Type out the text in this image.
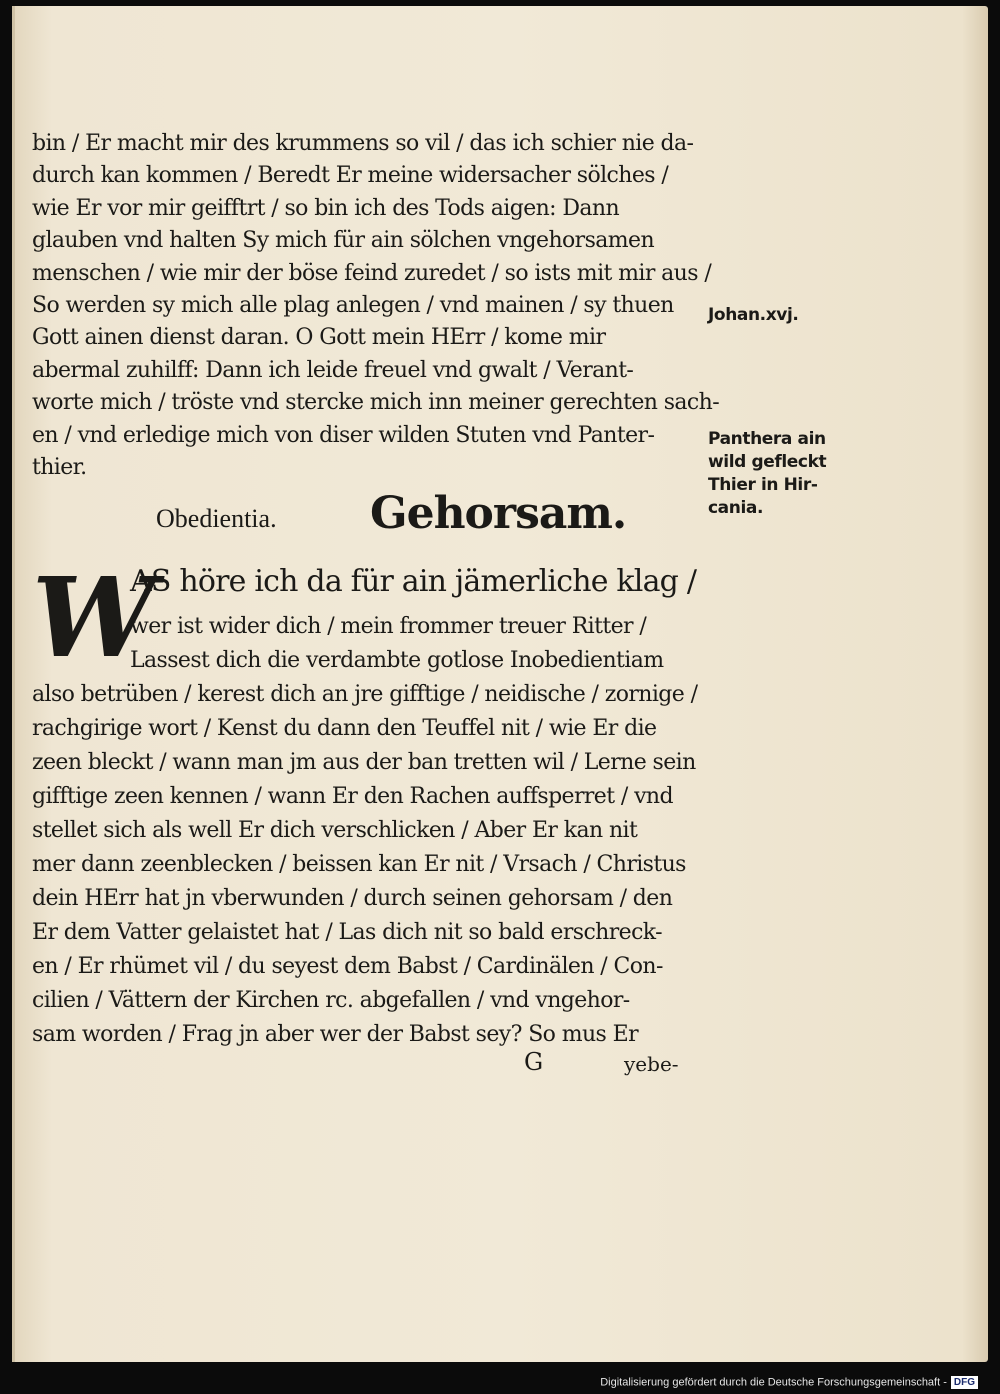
bin / Er macht mir des krummens so vil / das ich schier nie da-
durch kan kommen / Beredt Er meine widersacher sölches /
wie Er vor mir geifftrt / so bin ich des Tods aigen: Dann
glauben vnd halten Sy mich für ain sölchen vngehorsamen
menschen / wie mir der böse feind zuredet / so ists mit mir aus /
So werden sy mich alle plag anlegen / vnd mainen / sy thuen
Gott ainen dienst daran. O Gott mein HErr / kome mir
abermal zuhilff: Dann ich leide freuel vnd gwalt / Verant-
worte mich / tröste vnd stercke mich inn meiner gerechten sach-
en / vnd erledige mich von diser wilden Stuten vnd Panter-
thier.
Obedientia. Gehorsam.
W
AS höre ich da für ain jämerliche klag /
wer ist wider dich / mein frommer treuer Ritter /
Lassest dich die verdambte gotlose Inobedientiam
also betrüben / kerest dich an jre gifftige / neidische / zornige /
rachgirige wort / Kenst du dann den Teuffel nit / wie Er die
zeen bleckt / wann man jm aus der ban tretten wil / Lerne sein
gifftige zeen kennen / wann Er den Rachen auffsperret / vnd
stellet sich als well Er dich verschlicken / Aber Er kan nit
mer dann zeenblecken / beissen kan Er nit / Vrsach / Christus
dein HErr hat jn vberwunden / durch seinen gehorsam / den
Er dem Vatter gelaistet hat / Las dich nit so bald erschreck-
en / Er rhümet vil / du seyest dem Babst / Cardinälen / Con-
cilien / Vättern der Kirchen rc. abgefallen / vnd vngehor-
sam worden / Frag jn aber wer der Babst sey? So mus Er
Johan.xvj.
Panthera ain
wild gefleckt
Thier in Hir-
cania.
G	yebe-
Digitalisierung gefördert durch die Deutsche Forschungsgemeinschaft - DFG
